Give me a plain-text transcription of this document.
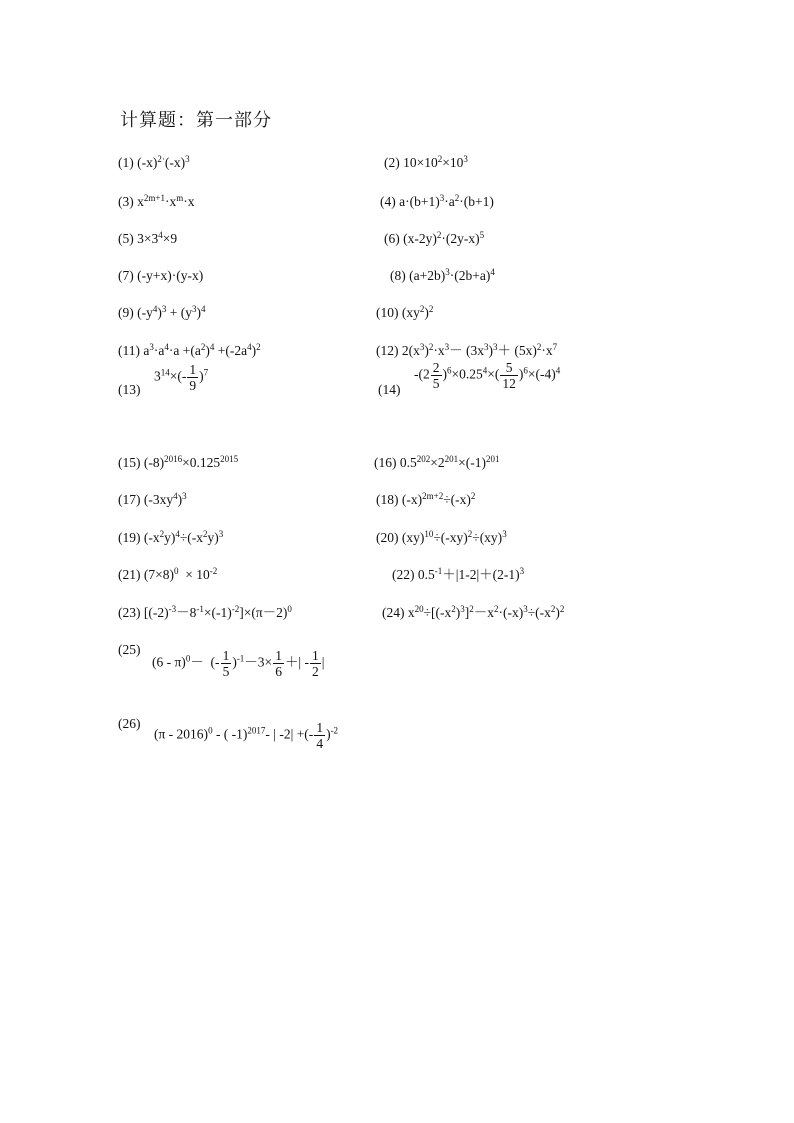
计算题：第一部分
(1) $(-x)^{2\cdot}(-x)^3$	(2) $10\times 10^2\times 10^3$
(3) $x^{2m+1}\cdot x^m\cdot x$	(4) $a\cdot(b+1)^3\cdot a^2\cdot(b+1)$
(5) $3\times 3^4\times 9$	(6) $(x-2y)^2\cdot(2y-x)^5$
(7) (-y+x)·(y-x)	(8) $(a+2b)^3\cdot(2b+a)^4$
(9) $(-y^4)^3 + (y^3)^4$	(10) $(xy^2)^2$
(11) $a^3\cdot a^4\cdot a +(a^2)^4 +(-2a^4)^2$	(12) $2(x^3)^2\cdot x^3- (3x^3)^3+ (5x)^2\cdot x^7$
(13)
$3^{14}\times(- \frac{1}{9} )^7$
(14)
$-(2 \frac{2}{5} )^6\times 0.25^4\times( \frac{5}{12} )^6\times(-4)^4$
(15) $(-8)^{2016}\times 0.125^{2015}$	(16) $0.5^{202}\times 2^{201}\times(-1)^{201}$
(17) $(-3xy^4)^3$	(18) $(-x)^{2m+2}\div(-x)^2$
(19) $(-x^2y)^4\div(-x^2y)^3$	(20) $(xy)^{10}\div(-xy)^2\div(xy)^3$
(21) $(7\times 8)^0 \times 10^{-2}$	(22) $0.5^{-1}+|1-2|+(2-1)^3$
(23) $[(-2)^{-3}-8^{-1}\times(-1)^{-2}]\times(\pi-2)^0$	(24) $x^{20}\div[(-x^2)^3]^2-x^2\cdot(-x)^3\div(-x^2)^2$
(25)
(6 - π)$^0$－  (- $\frac{1}{5} )^{-1}-3\times \frac{1}{6}$ ＋| - $\frac{1}{2}$ |
(26)
(π - 2016)$^0$ - ( -1)$^{2017}$- | -2| +(- $\frac{1}{4} )^{-2}$
